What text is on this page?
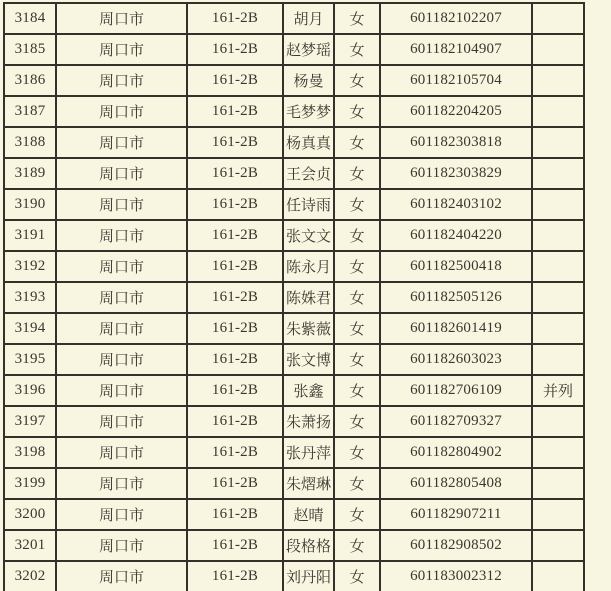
3184	周口市	161-2B	胡月	女	601182102207	
3185	周口市	161-2B	赵梦瑶	女	601182104907	
3186	周口市	161-2B	杨曼	女	601182105704	
3187	周口市	161-2B	毛梦梦	女	601182204205	
3188	周口市	161-2B	杨真真	女	601182303818	
3189	周口市	161-2B	王会贞	女	601182303829	
3190	周口市	161-2B	任诗雨	女	601182403102	
3191	周口市	161-2B	张文文	女	601182404220	
3192	周口市	161-2B	陈永月	女	601182500418	
3193	周口市	161-2B	陈姝君	女	601182505126	
3194	周口市	161-2B	朱紫薇	女	601182601419	
3195	周口市	161-2B	张文博	女	601182603023	
3196	周口市	161-2B	张鑫	女	601182706109	并列
3197	周口市	161-2B	朱萧扬	女	601182709327	
3198	周口市	161-2B	张丹萍	女	601182804902	
3199	周口市	161-2B	朱熠琳	女	601182805408	
3200	周口市	161-2B	赵晴	女	601182907211	
3201	周口市	161-2B	段格格	女	601182908502	
3202	周口市	161-2B	刘丹阳	女	601183002312	
